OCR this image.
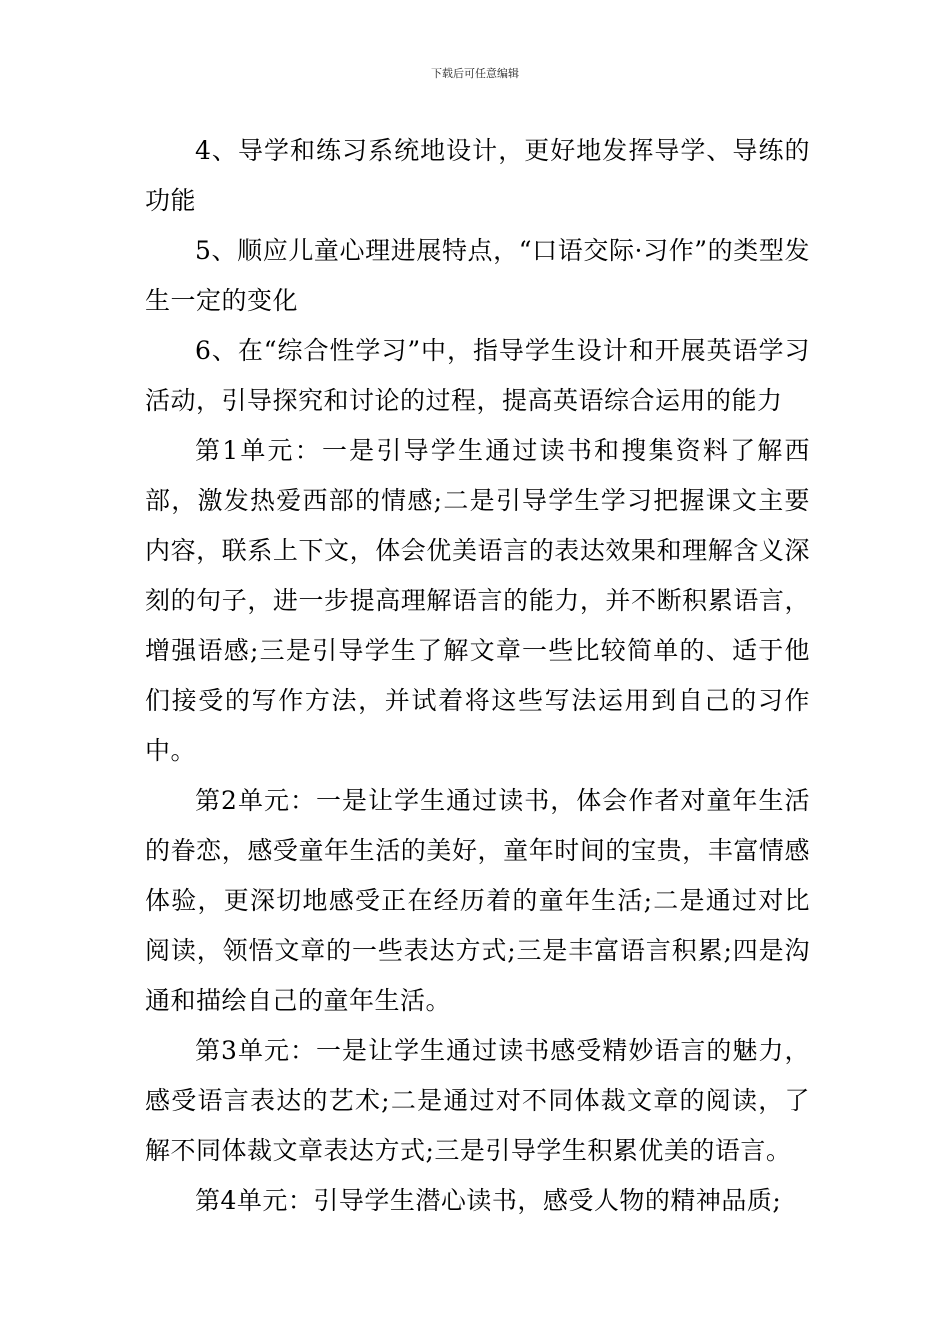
下载后可任意编辑

4、导学和练习系统地设计，更好地发挥导学、导练的功能

5、顺应儿童心理进展特点，“口语交际·习作”的类型发生一定的变化

6、在“综合性学习”中，指导学生设计和开展英语学习活动，引导探究和讨论的过程，提高英语综合运用的能力

第1单元：一是引导学生通过读书和搜集资料了解西部，激发热爱西部的情感;二是引导学生学习把握课文主要内容，联系上下文，体会优美语言的表达效果和理解含义深刻的句子，进一步提高理解语言的能力，并不断积累语言，增强语感;三是引导学生了解文章一些比较简单的、适于他们接受的写作方法，并试着将这些写法运用到自己的习作中。

第2单元：一是让学生通过读书，体会作者对童年生活的眷恋，感受童年生活的美好，童年时间的宝贵，丰富情感体验，更深切地感受正在经历着的童年生活;二是通过对比阅读，领悟文章的一些表达方式;三是丰富语言积累;四是沟通和描绘自己的童年生活。

第3单元：一是让学生通过读书感受精妙语言的魅力，感受语言表达的艺术;二是通过对不同体裁文章的阅读，了解不同体裁文章表达方式;三是引导学生积累优美的语言。

第4单元：引导学生潜心读书，感受人物的精神品质;
